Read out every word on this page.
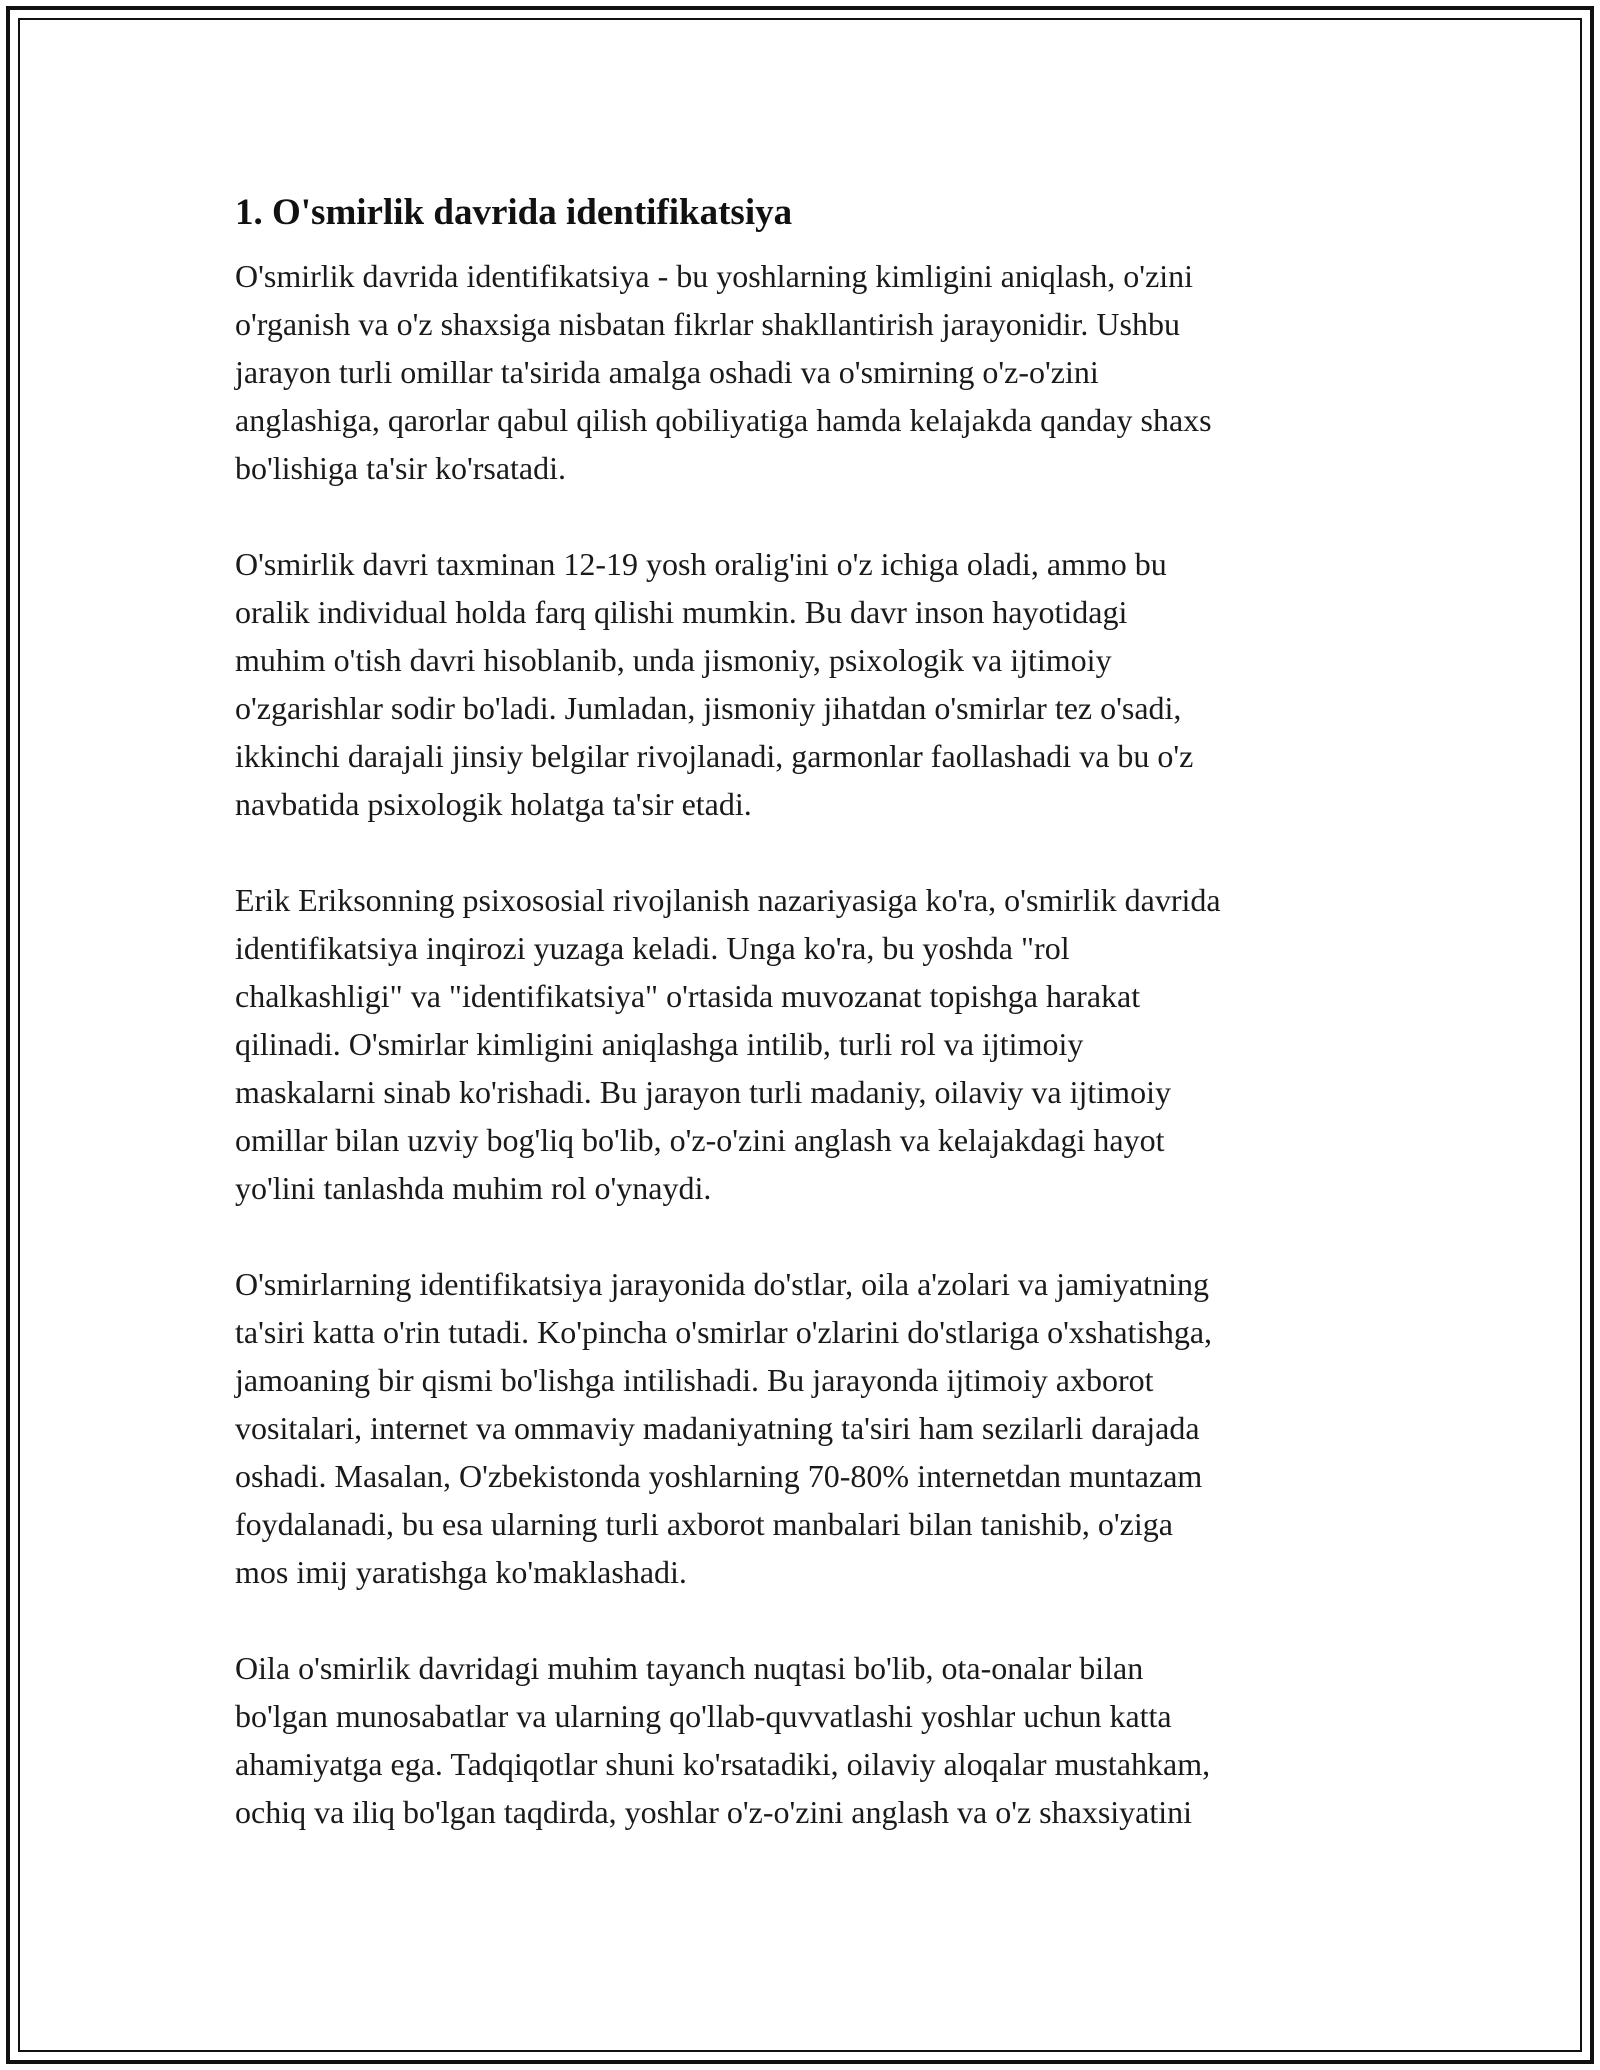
1. O'smirlik davrida identifikatsiya

O'smirlik davrida identifikatsiya - bu yoshlarning kimligini aniqlash, o'zini
o'rganish va o'z shaxsiga nisbatan fikrlar shakllantirish jarayonidir. Ushbu
jarayon turli omillar ta'sirida amalga oshadi va o'smirning o'z-o'zini
anglashiga, qarorlar qabul qilish qobiliyatiga hamda kelajakda qanday shaxs
bo'lishiga ta'sir ko'rsatadi.

O'smirlik davri taxminan 12-19 yosh oralig'ini o'z ichiga oladi, ammo bu
oralik individual holda farq qilishi mumkin. Bu davr inson hayotidagi
muhim o'tish davri hisoblanib, unda jismoniy, psixologik va ijtimoiy
o'zgarishlar sodir bo'ladi. Jumladan, jismoniy jihatdan o'smirlar tez o'sadi,
ikkinchi darajali jinsiy belgilar rivojlanadi, garmonlar faollashadi va bu o'z
navbatida psixologik holatga ta'sir etadi.

Erik Eriksonning psixososial rivojlanish nazariyasiga ko'ra, o'smirlik davrida
identifikatsiya inqirozi yuzaga keladi. Unga ko'ra, bu yoshda "rol
chalkashligi" va "identifikatsiya" o'rtasida muvozanat topishga harakat
qilinadi. O'smirlar kimligini aniqlashga intilib, turli rol va ijtimoiy
maskalarni sinab ko'rishadi. Bu jarayon turli madaniy, oilaviy va ijtimoiy
omillar bilan uzviy bog'liq bo'lib, o'z-o'zini anglash va kelajakdagi hayot
yo'lini tanlashda muhim rol o'ynaydi.

O'smirlarning identifikatsiya jarayonida do'stlar, oila a'zolari va jamiyatning
ta'siri katta o'rin tutadi. Ko'pincha o'smirlar o'zlarini do'stlariga o'xshatishga,
jamoaning bir qismi bo'lishga intilishadi. Bu jarayonda ijtimoiy axborot
vositalari, internet va ommaviy madaniyatning ta'siri ham sezilarli darajada
oshadi. Masalan, O'zbekistonda yoshlarning 70-80% internetdan muntazam
foydalanadi, bu esa ularning turli axborot manbalari bilan tanishib, o'ziga
mos imij yaratishga ko'maklashadi.

Oila o'smirlik davridagi muhim tayanch nuqtasi bo'lib, ota-onalar bilan
bo'lgan munosabatlar va ularning qo'llab-quvvatlashi yoshlar uchun katta
ahamiyatga ega. Tadqiqotlar shuni ko'rsatadiki, oilaviy aloqalar mustahkam,
ochiq va iliq bo'lgan taqdirda, yoshlar o'z-o'zini anglash va o'z shaxsiyatini
